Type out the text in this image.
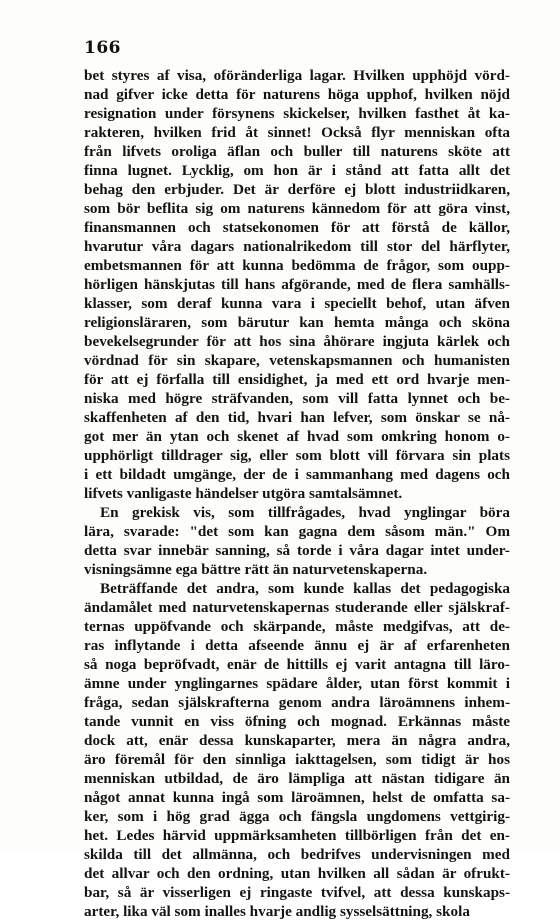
166
bet styres af visa, oföränderliga lagar. Hvilken upphöjd vörd-
nad gifver icke detta för naturens höga upphof, hvilken nöjd
resignation under försynens skickelser, hvilken fasthet åt ka-
rakteren, hvilken frid åt sinnet! Också flyr menniskan ofta
från lifvets oroliga äflan och buller till naturens sköte att
finna lugnet. Lycklig, om hon är i stånd att fatta allt det
behag den erbjuder. Det är derföre ej blott industriidkaren,
som bör beflita sig om naturens kännedom för att göra vinst,
finansmannen och statsekonomen för att förstå de källor,
hvarutur våra dagars nationalrikedom till stor del härflyter,
embetsmannen för att kunna bedömma de frågor, som oupp-
hörligen hänskjutas till hans afgörande, med de flera samhälls-
klasser, som deraf kunna vara i speciellt behof, utan äfven
religionsläraren, som bärutur kan hemta många och sköna
bevekelsegrunder för att hos sina åhörare ingjuta kärlek och
vördnad för sin skapare, vetenskapsmannen och humanisten
för att ej förfalla till ensidighet, ja med ett ord hvarje men-
niska med högre sträfvanden, som vill fatta lynnet och be-
skaffenheten af den tid, hvari han lefver, som önskar se nå-
got mer än ytan och skenet af hvad som omkring honom o-
upphörligt tilldrager sig, eller som blott vill förvara sin plats
i ett bildadt umgänge, der de i sammanhang med dagens och
lifvets vanligaste händelser utgöra samtalsämnet.
En grekisk vis, som tillfrågades, hvad ynglingar böra
lära, svarade: "det som kan gagna dem såsom män." Om
detta svar innebär sanning, så torde i våra dagar intet under-
visningsämne ega bättre rätt än naturvetenskaperna.
Beträffande det andra, som kunde kallas det pedagogiska
ändamålet med naturvetenskapernas studerande eller själskraf-
ternas uppöfvande och skärpande, måste medgifvas, att de-
ras inflytande i detta afseende ännu ej är af erfarenheten
så noga bepröfvadt, enär de hittills ej varit antagna till läro-
ämne under ynglingarnes spädare ålder, utan först kommit i
fråga, sedan själskrafterna genom andra läroämnens inhem-
tande vunnit en viss öfning och mognad. Erkännas måste
dock att, enär dessa kunskaparter, mera än några andra,
äro föremål för den sinnliga iakttagelsen, som tidigt är hos
menniskan utbildad, de äro lämpliga att nästan tidigare än
något annat kunna ingå som läroämnen, helst de omfatta sa-
ker, som i hög grad ägga och fängsla ungdomens vettgirig-
het. Ledes härvid uppmärksamheten tillbörligen från det en-
skilda till det allmänna, och bedrifves undervisningen med
det allvar och den ordning, utan hvilken all sådan är ofrukt-
bar, så är visserligen ej ringaste tvifvel, att dessa kunskaps-
arter, lika väl som inalles hvarje andlig sysselsättning, skola
